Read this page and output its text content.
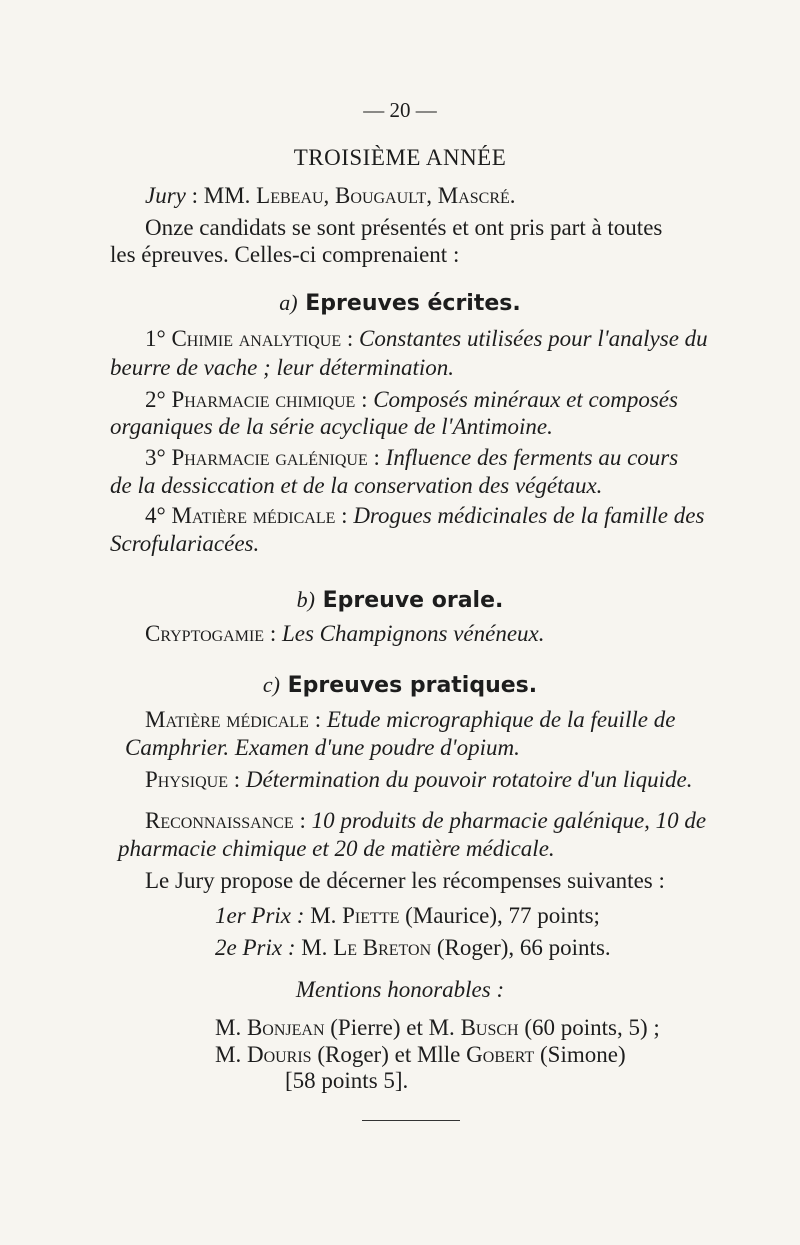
— 20 —
TROISIÈME ANNÉE
Jury : MM. Lebeau, Bougault, Mascré.
Onze candidats se sont présentés et ont pris part à toutes
les épreuves. Celles-ci comprenaient :
a) Epreuves écrites.
1° Chimie analytique : Constantes utilisées pour l'analyse du
beurre de vache ; leur détermination.
2° Pharmacie chimique : Composés minéraux et composés
organiques de la série acyclique de l'Antimoine.
3° Pharmacie galénique : Influence des ferments au cours
de la dessiccation et de la conservation des végétaux.
4° Matière médicale : Drogues médicinales de la famille des
Scrofulariacées.
b) Epreuve orale.
Cryptogamie : Les Champignons vénéneux.
c) Epreuves pratiques.
Matière médicale : Etude micrographique de la feuille de
Camphrier. Examen d'une poudre d'opium.
Physique : Détermination du pouvoir rotatoire d'un liquide.
Reconnaissance : 10 produits de pharmacie galénique, 10 de
pharmacie chimique et 20 de matière médicale.
Le Jury propose de décerner les récompenses suivantes :
1er Prix : M. Piette (Maurice), 77 points;
2e Prix : M. Le Breton (Roger), 66 points.
Mentions honorables :
M. Bonjean (Pierre) et M. Busch (60 points, 5) ;
M. Douris (Roger) et Mlle Gobert (Simone)
[58 points 5].
